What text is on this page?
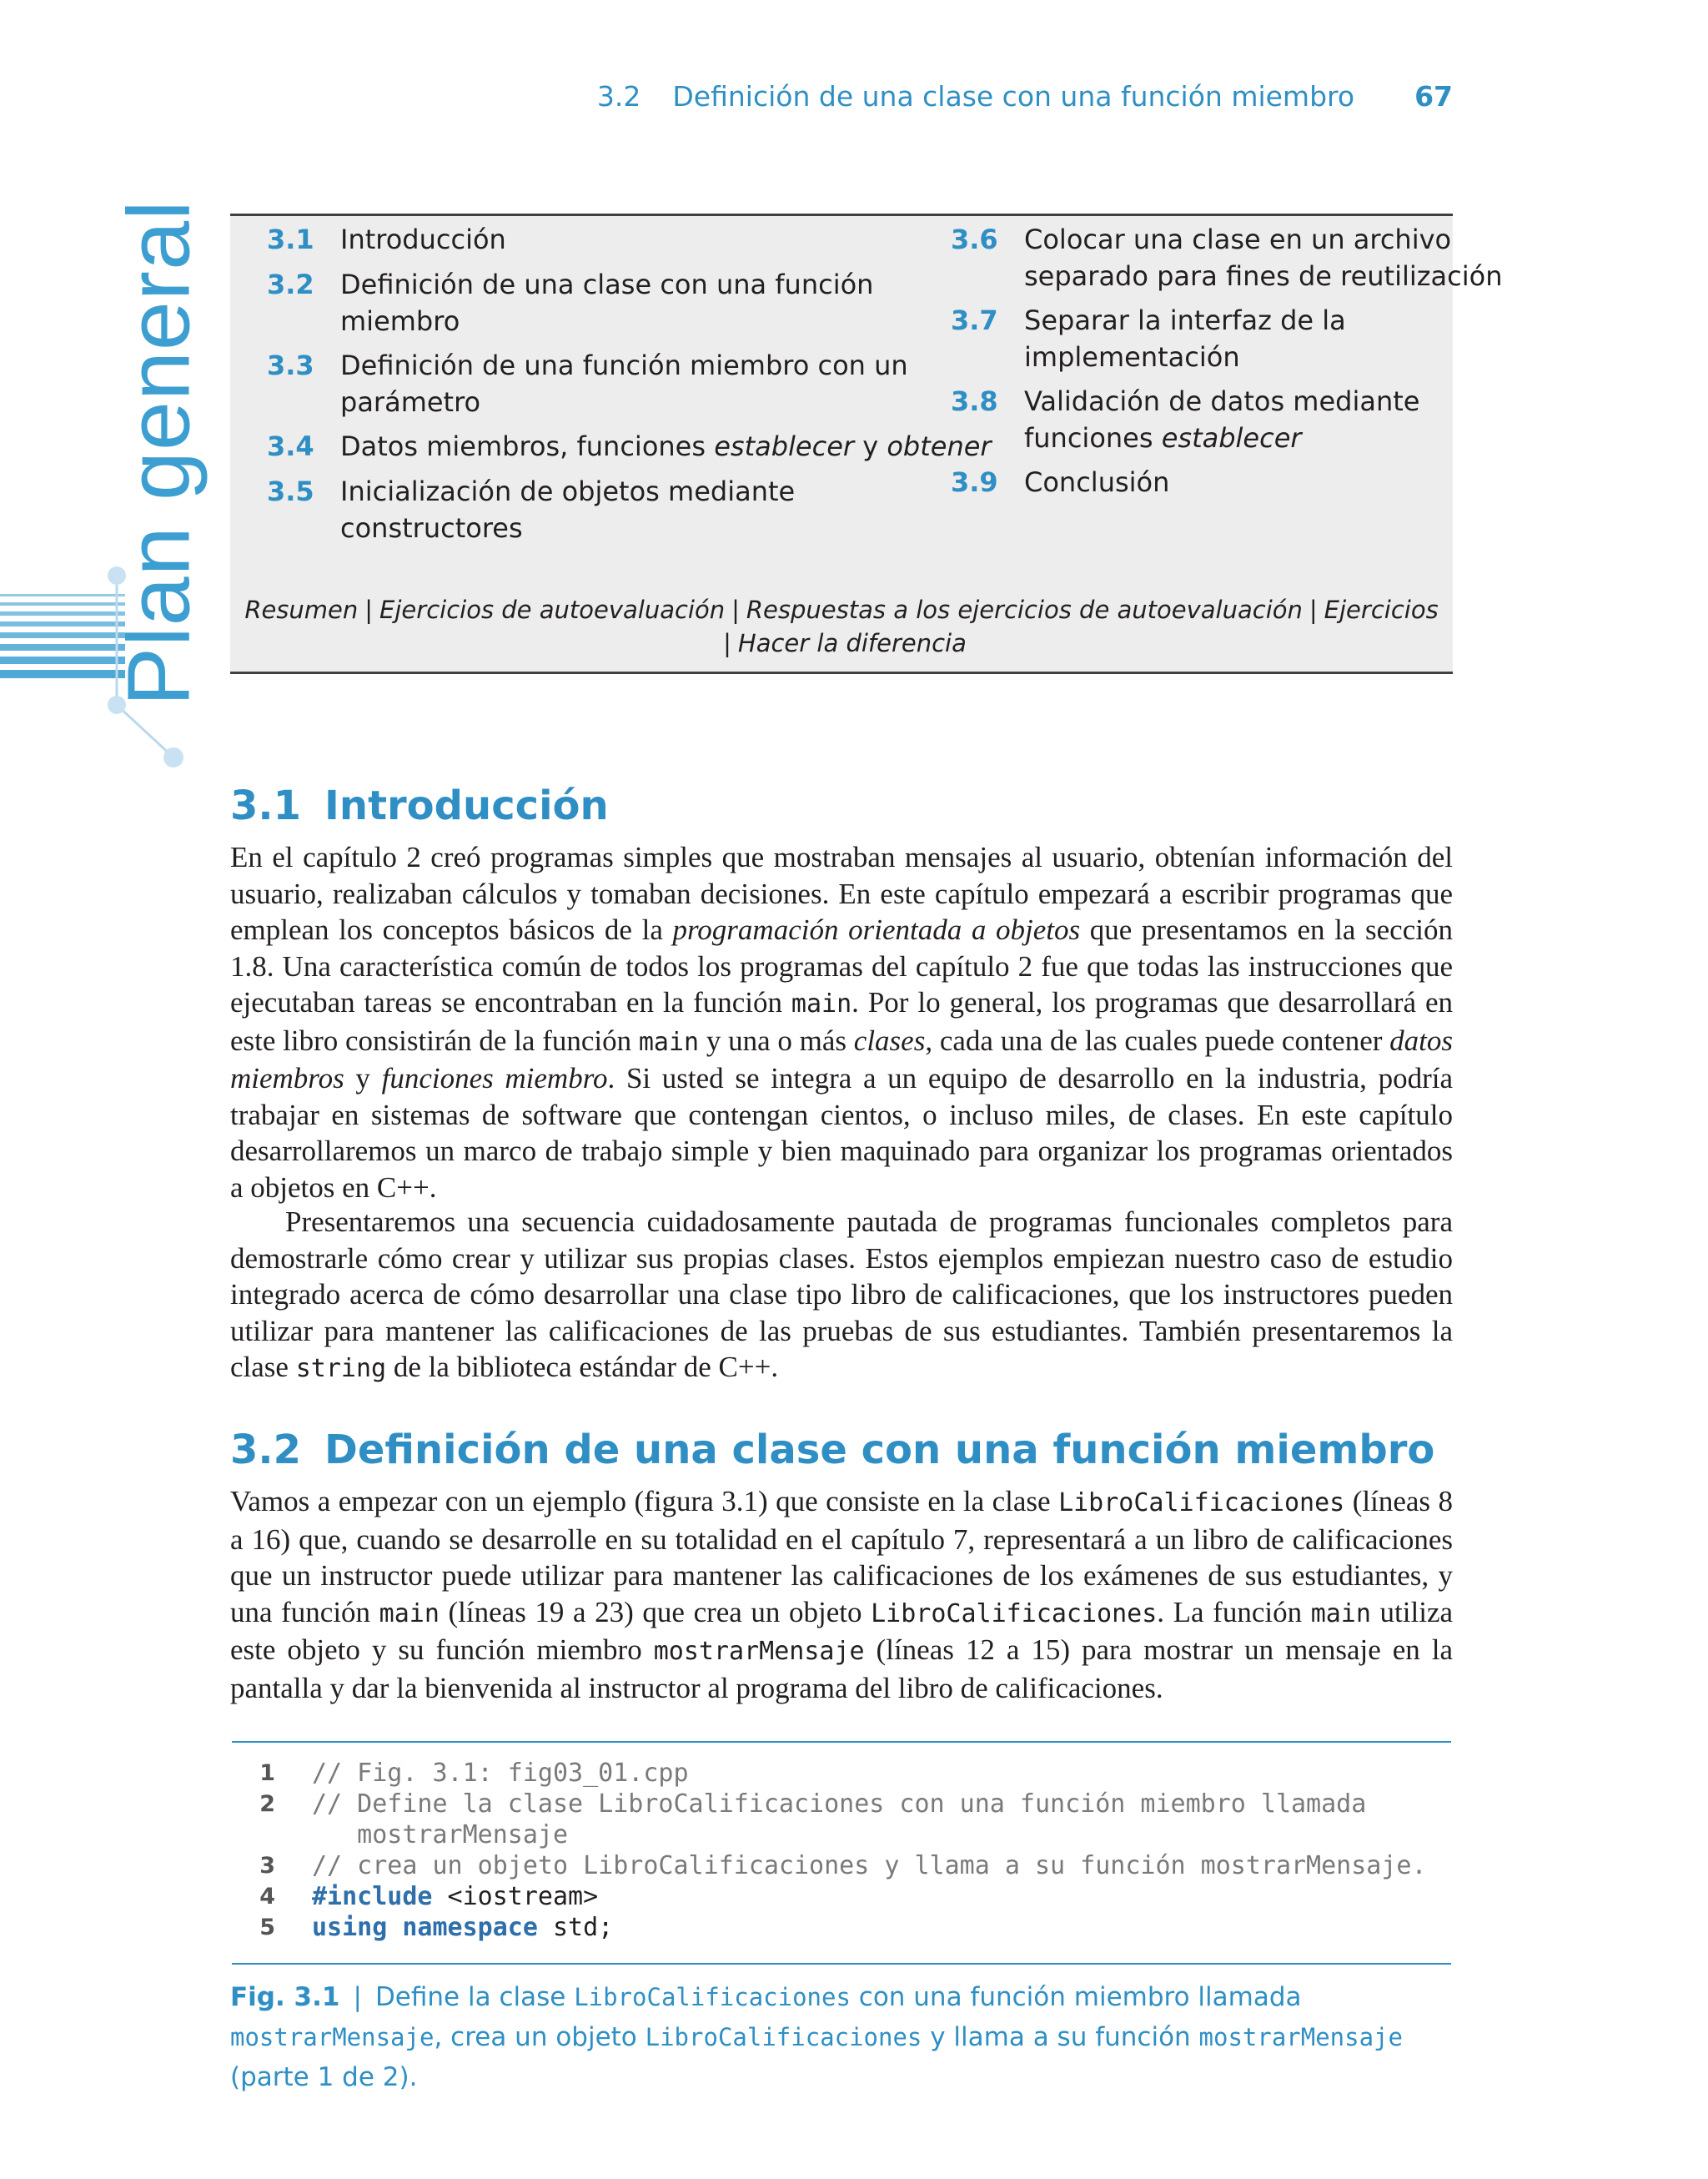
3.2 Definición de una clase con una función miembro 67
Plan general 3.1 Introducción
3.2 Definición de una clase con una función
miembro
3.3 Definición de una función miembro con un
parámetro
3.4 Datos miembros, funciones establecer y obtener
3.5 Inicialización de objetos mediante
constructores
3.6 Colocar una clase en un archivo
separado para fines de reutilización
3.7 Separar la interfaz de la
implementación
3.8 Validación de datos mediante
funciones establecer
3.9 Conclusión
Resumen | Ejercicios de autoevaluación | Respuestas a los ejercicios de autoevaluación | Ejercicios
| Hacer la diferencia
3.1 Introducción

En el capítulo 2 creó programas simples que mostraban mensajes al usuario, obtenían información del usuario, realizaban cálculos y tomaban decisiones. En este capítulo empezará a escribir programas que emplean los conceptos básicos de la programación orientada a objetos que presentamos en la sección 1.8. Una característica común de todos los programas del capítulo 2 fue que todas las instrucciones que ejecutaban tareas se encontraban en la función main. Por lo general, los programas que desarrollará en este libro consistirán de la función main y una o más clases, cada una de las cuales puede contener datos miembros y funciones miembro. Si usted se integra a un equipo de desarrollo en la industria, podría trabajar en sistemas de software que contengan cientos, o incluso miles, de clases. En este capítulo desarrollaremos un marco de trabajo simple y bien maquinado para organizar los programas orientados a objetos en C++.

Presentaremos una secuencia cuidadosamente pautada de programas funcionales completos para demostrarle cómo crear y utilizar sus propias clases. Estos ejemplos empiezan nuestro caso de estudio integrado acerca de cómo desarrollar una clase tipo libro de calificaciones, que los instructores pueden utilizar para mantener las calificaciones de las pruebas de sus estudiantes. También presentaremos la clase string de la biblioteca estándar de C++.

3.2 Definición de una clase con una función miembro

Vamos a empezar con un ejemplo (figura 3.1) que consiste en la clase LibroCalificaciones (líneas 8 a 16) que, cuando se desarrolle en su totalidad en el capítulo 7, representará a un libro de calificaciones que un instructor puede utilizar para mantener las calificaciones de los exámenes de sus estudiantes, y una función main (líneas 19 a 23) que crea un objeto LibroCalificaciones. La función main utiliza este objeto y su función miembro mostrarMensaje (líneas 12 a 15) para mostrar un mensaje en la pantalla y dar la bienvenida al instructor al programa del libro de calificaciones.

1 // Fig. 3.1: fig03_01.cpp
2 // Define la clase LibroCalificaciones con una función miembro llamada
mostrarMensaje
3 // crea un objeto LibroCalificaciones y llama a su función mostrarMensaje.
4 #include <iostream>
5 using namespace std;
Fig. 3.1 | Define la clase LibroCalificaciones con una función miembro llamada mostrarMensaje, crea un objeto LibroCalificaciones y llama a su función mostrarMensaje (parte 1 de 2).
